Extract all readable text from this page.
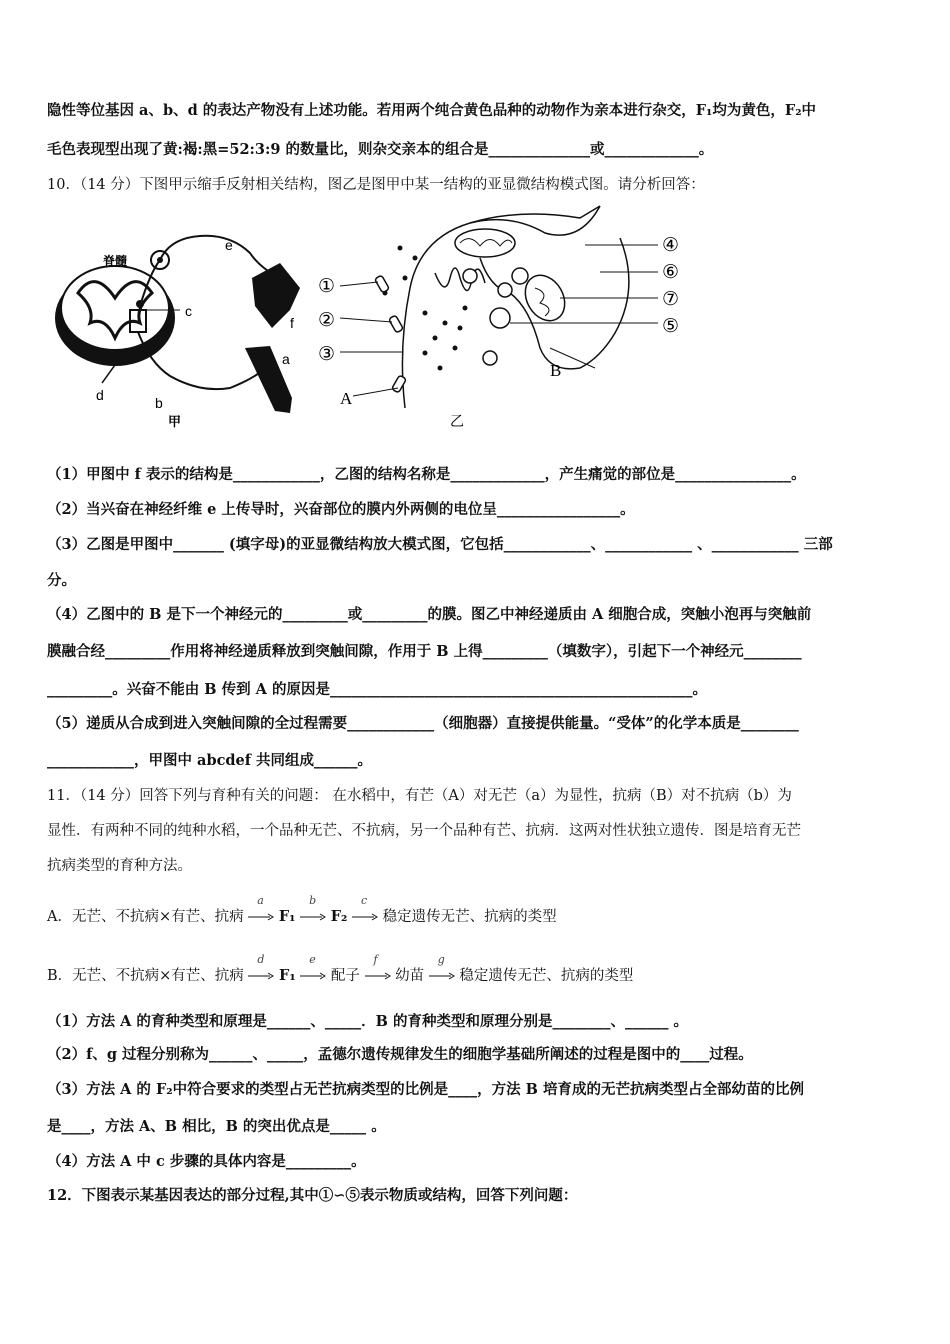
隐性等位基因 a、b、d 的表达产物没有上述功能。若用两个纯合黄色品种的动物作为亲本进行杂交，F₁均为黄色，F₂中
毛色表现型出现了黄:褐:黑=52:3:9 的数量比，则杂交亲本的组合是______________或_____________。
10．（14 分）下图甲示缩手反射相关结构，图乙是图甲中某一结构的亚显微结构模式图。请分析回答：
脊髓
e
f
c
a
d	b
甲
①
②
③
A
④
⑥
⑦
⑤
B
乙
（1）甲图中 f 表示的结构是____________，乙图的结构名称是_____________，产生痛觉的部位是________________。
（2）当兴奋在神经纤维 e 上传导时，兴奋部位的膜内外两侧的电位呈_________________。
（3）乙图是甲图中_______ (填字母)的亚显微结构放大模式图，它包括____________、____________ 、____________ 三部
分。
（4）乙图中的 B 是下一个神经元的_________或_________的膜。图乙中神经递质由 A 细胞合成，突触小泡再与突触前
膜融合经_________作用将神经递质释放到突触间隙，作用于 B 上得_________（填数字），引起下一个神经元________
_________。兴奋不能由 B 传到 A 的原因是__________________________________________________。
（5）递质从合成到进入突触间隙的全过程需要____________（细胞器）直接提供能量。“受体”的化学本质是________
____________，甲图中 abcdef 共同组成______。
11．（14 分）回答下列与育种有关的问题： 在水稻中，有芒（A）对无芒（a）为显性，抗病（B）对不抗病（b）为
显性．有两种不同的纯种水稻，一个品种无芒、不抗病，另一个品种有芒、抗病．这两对性状独立遗传．图是培育无芒
抗病类型的育种方法。
A．无芒、不抗病×有芒、抗病
a
F₁
b
F₂
c
稳定遗传无芒、抗病的类型
B．无芒、不抗病×有芒、抗病
d
F₁
e
配子
f
幼苗
g
稳定遗传无芒、抗病的类型
（1）方法 A 的育种类型和原理是______、_____．B 的育种类型和原理分别是________、______ 。
（2）f、g 过程分别称为______、_____，孟德尔遗传规律发生的细胞学基础所阐述的过程是图中的____过程。
（3）方法 A 的 F₂中符合要求的类型占无芒抗病类型的比例是____，方法 B 培育成的无芒抗病类型占全部幼苗的比例
是____，方法 A、B 相比，B 的突出优点是_____ 。
（4）方法 A 中 c 步骤的具体内容是_________。
12．下图表示某基因表达的部分过程,其中①∽⑤表示物质或结构，回答下列问题：
